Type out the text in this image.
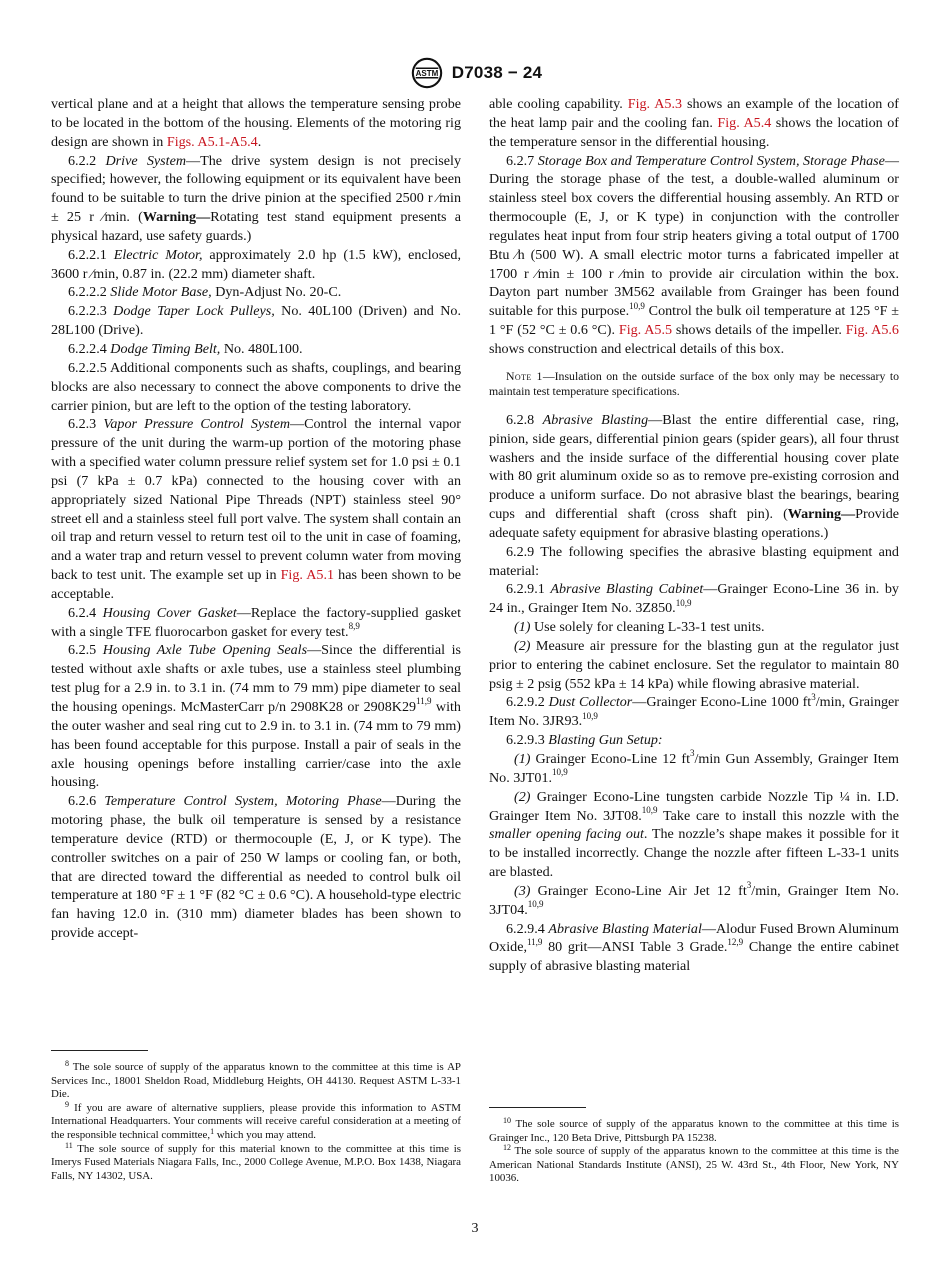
ASTM D7038 − 24

vertical plane and at a height that allows the temperature sensing probe to be located in the bottom of the housing. Elements of the motoring rig design are shown in Figs. A5.1-A5.4.

6.2.2 Drive System—The drive system design is not precisely specified; however, the following equipment or its equivalent have been found to be suitable to turn the drive pinion at the specified 2500 r ⁄min ± 25 r ⁄min. (Warning—Rotating test stand equipment presents a physical hazard, use safety guards.)

6.2.2.1 Electric Motor, approximately 2.0 hp (1.5 kW), enclosed, 3600 r ⁄min, 0.87 in. (22.2 mm) diameter shaft.

6.2.2.2 Slide Motor Base, Dyn-Adjust No. 20-C.

6.2.2.3 Dodge Taper Lock Pulleys, No. 40L100 (Driven) and No. 28L100 (Drive).

6.2.2.4 Dodge Timing Belt, No. 480L100.

6.2.2.5 Additional components such as shafts, couplings, and bearing blocks are also necessary to connect the above components to drive the carrier pinion, but are left to the option of the testing laboratory.

6.2.3 Vapor Pressure Control System—Control the internal vapor pressure of the unit during the warm-up portion of the motoring phase with a specified water column pressure relief system set for 1.0 psi ± 0.1 psi (7 kPa ± 0.7 kPa) connected to the housing cover with an appropriately sized National Pipe Threads (NPT) stainless steel 90° street ell and a stainless steel full port valve. The system shall contain an oil trap and return vessel to return test oil to the unit in case of foaming, and a water trap and return vessel to prevent column water from moving back to test unit. The example set up in Fig. A5.1 has been shown to be acceptable.

6.2.4 Housing Cover Gasket—Replace the factory-supplied gasket with a single TFE fluorocarbon gasket for every test.$^{8,9}$

6.2.5 Housing Axle Tube Opening Seals—Since the differential is tested without axle shafts or axle tubes, use a stainless steel plumbing test plug for a 2.9 in. to 3.1 in. (74 mm to 79 mm) pipe diameter to seal the housing openings. McMasterCarr p/n 2908K28 or 2908K29$^{11,9}$ with the outer washer and seal ring cut to 2.9 in. to 3.1 in. (74 mm to 79 mm) has been found acceptable for this purpose. Install a pair of seals in the axle housing openings before installing carrier/case into the axle housing.

6.2.6 Temperature Control System, Motoring Phase—During the motoring phase, the bulk oil temperature is sensed by a resistance temperature device (RTD) or thermocouple (E, J, or K type). The controller switches on a pair of 250 W lamps or cooling fan, or both, that are directed toward the differential as needed to control bulk oil temperature at 180 °F ± 1 °F (82 °C ± 0.6 °C). A household-type electric fan having 12.0 in. (310 mm) diameter blades has been shown to provide accept-

able cooling capability. Fig. A5.3 shows an example of the location of the heat lamp pair and the cooling fan. Fig. A5.4 shows the location of the temperature sensor in the differential housing.

6.2.7 Storage Box and Temperature Control System, Storage Phase—During the storage phase of the test, a double-walled aluminum or stainless steel box covers the differential housing assembly. An RTD or thermocouple (E, J, or K type) in conjunction with the controller regulates heat input from four strip heaters giving a total output of 1700 Btu ⁄h (500 W). A small electric motor turns a fabricated impeller at 1700 r ⁄min ± 100 r ⁄min to provide air circulation within the box. Dayton part number 3M562 available from Grainger has been found suitable for this purpose.$^{10,9}$ Control the bulk oil temperature at 125 °F ± 1 °F (52 °C ± 0.6 °C). Fig. A5.5 shows details of the impeller. Fig. A5.6 shows construction and electrical details of this box.

Note 1—Insulation on the outside surface of the box only may be necessary to maintain test temperature specifications.

6.2.8 Abrasive Blasting—Blast the entire differential case, ring, pinion, side gears, differential pinion gears (spider gears), all four thrust washers and the inside surface of the differential housing cover plate with 80 grit aluminum oxide so as to remove pre-existing corrosion and produce a uniform surface. Do not abrasive blast the bearings, bearing cups and differential shaft (cross shaft pin). (Warning—Provide adequate safety equipment for abrasive blasting operations.)

6.2.9 The following specifies the abrasive blasting equipment and material:

6.2.9.1 Abrasive Blasting Cabinet—Grainger Econo-Line 36 in. by 24 in., Grainger Item No. 3Z850.$^{10,9}$

(1) Use solely for cleaning L-33-1 test units.

(2) Measure air pressure for the blasting gun at the regulator just prior to entering the cabinet enclosure. Set the regulator to maintain 80 psig ± 2 psig (552 kPa ± 14 kPa) while flowing abrasive material.

6.2.9.2 Dust Collector—Grainger Econo-Line 1000 $ft^3/\min$, Grainger Item No. 3JR93.$^{10,9}$

6.2.9.3 Blasting Gun Setup:

(1) Grainger Econo-Line 12 $ft^3/\min$ Gun Assembly, Grainger Item No. 3JT01.$^{10,9}$

(2) Grainger Econo-Line tungsten carbide Nozzle Tip ¼ in. I.D. Grainger Item No. 3JT08.$^{10,9}$ Take care to install this nozzle with the smaller opening facing out. The nozzle’s shape makes it possible for it to be installed incorrectly. Change the nozzle after fifteen L-33-1 units are blasted.

(3) Grainger Econo-Line Air Jet 12 $ft^3/\min$, Grainger Item No. 3JT04.$^{10,9}$

6.2.9.4 Abrasive Blasting Material—Alodur Fused Brown Aluminum Oxide,$^{11,9}$ 80 grit—ANSI Table 3 Grade.$^{12,9}$ Change the entire cabinet supply of abrasive blasting material

$^8$ The sole source of supply of the apparatus known to the committee at this time is AP Services Inc., 18001 Sheldon Road, Middleburg Heights, OH 44130. Request ASTM L-33-1 Die.

$^9$ If you are aware of alternative suppliers, please provide this information to ASTM International Headquarters. Your comments will receive careful consideration at a meeting of the responsible technical committee,$^1$ which you may attend.

$^{11}$ The sole source of supply for this material known to the committee at this time is Imerys Fused Materials Niagara Falls, Inc., 2000 College Avenue, M.P.O. Box 1438, Niagara Falls, NY 14302, USA.

$^{10}$ The sole source of supply of the apparatus known to the committee at this time is Grainger Inc., 120 Beta Drive, Pittsburgh PA 15238.

$^{12}$ The sole source of supply of the apparatus known to the committee at this time is the American National Standards Institute (ANSI), 25 W. 43rd St., 4th Floor, New York, NY 10036.

3
